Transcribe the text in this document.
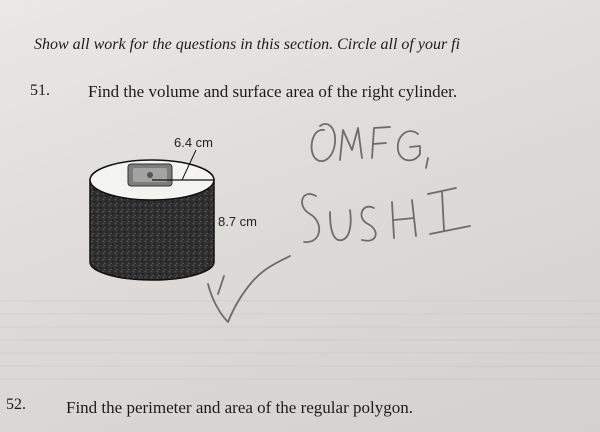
Show all work for the questions in this section. Circle all of your fi
51. Find the volume and surface area of the right cylinder.
52. Find the perimeter and area of the regular polygon.
6.4 cm
8.7 cm
